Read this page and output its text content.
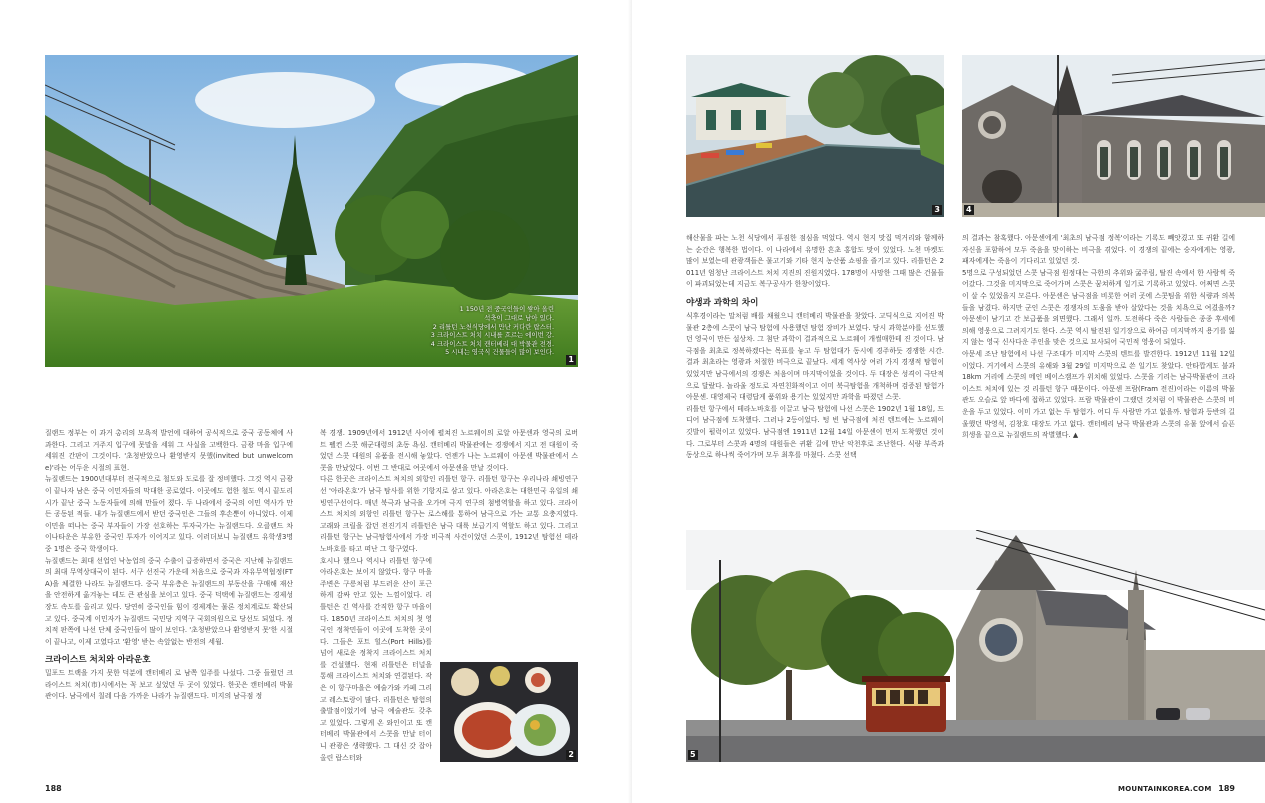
1 150년 전 중국인들이 쌓아 올린
석축이 그대로 남아 있다.
2 리틀턴 노천식당에서 만난 커다란 랍스터.
3 크라이스트 처치 시내를 흐르는 에이번 강.
4 크라이스트 처치 캔터베리 대 박물관 전경.
5 시내는 영국식 건물들이 많이 보인다.
1

질랜드 정부는 이 과거 총리의 모욕적 발언에 대하여 공식적으로 중국 공동체에 사과한다. 그리고 거주지 입구에 못말을 세워 그 사실을 고백한다. 금광 마을 입구에 세워진 간판이 그것이다. '초청받았으나 환영받지 못했(invited but unwelcome)'라는 어두운 시절의 표현.

뉴질랜드는 1900년대부터 전국적으로 철도와 도로를 잘 정비했다. 그것 역시 금광이 끝나자 남은 중국 이민자들의 막대한 공로였다. 이곳에도 험한 철도 역시 끝도리시가 끝난 중국 노동자들에 의해 만들어 졌다. 두 나라에서 중국의 이민 역사가 만든 공동된 적들. 내가 뉴질랜드에서 받던 중국인은 그들의 후손뿐이 아니었다. 이제 이민을 떠나는 중국 부자들이 가장 선호하는 투자국가는 뉴질랜드다. 오클랜드 차이나타운은 부유한 중국인 투자가 이어지고 있다. 이러더보니 뉴질랜드 유학생3명 중 1명은 중국 학생이다.

뉴질랜드는 최대 선업인 낙농업의 중국 수출이 급증하면서 중국은 지난해 뉴질랜드의 최대 무역상대국이 된다. 서구 선진국 가운데 처음으로 중국과 자유무역협정(FTA)을 체결한 나라도 뉴질랜드다. 중국 부유층은 뉴질랜드의 부동산을 구매해 재산을 안전하게 옮겨놓는 데도 큰 관심을 보이고 있다. 중국 덕택에 뉴질랜드는 경제성장도 속도를 올리고 있다. 당연히 중국인들 힘이 경제계는 물론 정치계로도 확산되고 있다. 중국계 이민자가 뉴질랜드 국민당 지역구 국회의원으로 당선도 되었다. 정치적 판쪽에 나선 단체 중국인들이 많이 보인다. '초청받았으나 환영받지 못'한 시절이 끝나고, 이제 고였다고 '환영' 받는 속앞없는 반전의 세월.

크라이스트 처치와 아라운호

밀포드 트랙을 가지 못한 덕분에 캔터베리 로 남쪽 일주를 나섰다. 그중 들렀던 크라이스트 처치(市)시에서는 꼭 보고 싶었던 두 곳이 있었다. 한곳은 캔터베리 박물관이다. 남극에서 칠레 다음 가까운 나라가 뉴질랜드다. 미지의 남극점 정

복 경쟁. 1909년에서 1912년 사이에 펼쳐진 노르웨이의 로알 아문센과 영국의 로버트 펠컨 스콧 해군대령의 초동 욕심. 캔터베리 박물관에는 경쟁에서 지고 전 대원이 죽었던 스콧 대원의 유품을 전시해 놓았다. 언젠가 나는 노르웨이 아문센 박물관에서 스콧을 만났었다. 이번 그 반대로 여곳에서 아문센을 만날 것이다.

다른 한곳은 크라이스트 처치의 외항인 리틀턴 항구. 리틀턴 항구는 우리나라 쇄빙연구선 '아라온호'가 남극 탐사를 위한 기항지로 삼고 있다. 아라온호는 대한민국 유일의 쇄빙연구선이다. 매년 북극과 남극을 오가며 극지 연구의 첨병역할을 하고 있다. 크라이스트 처치의 외항인 리틀턴 항구는 로스해를 통하여 남극으로 가는 교통 요충지였다. 고래와 크릴을 잡던 전진기지 리틀턴은 남극 대륙 보급기지 역할도 하고 있다. 그리고 리틀턴 항구는 남극탐험사에서 가장 비극적 사건이었던 스콧이, 1912년 탐험선 테라노바호를 타고 떠난 그 항구였다.

호시나 했으나 역시나 리틀턴 항구에 아라온호는 보이지 않았다. 항구 마을 주변은 구릉처럼 부드러운 산이 포근하게 감싸 안고 있는 느낌이었다. 리틀턴은 긴 역사를 간직한 항구 마을이다. 1850년 크라이스트 처치의 첫 영국인 정착민들이 이곳에 도착한 곳이다. 그들은 포트 힐스(Port Hills)를 넘어 새로운 정착지 크라이스트 처치를 건설했다. 현재 리틀턴은 터널을 통해 크라이스트 처치와 연결된다. 작은 이 항구마을은 예술가와 카페 그리고 레스토랑이 많다. 리틀턴은 탐험의 출발점이었기에 남극 예술관도 갖추고 있었다. 그렇게 온 와인이고 또 캔터베리 박물관에서 스콧을 만날 터이니 관광은 생략했다. 그 대신 갓 잡아 올린 랍스터와	2
188
3	4

해산물을 파는 노천 식당에서 푸짐한 점심을 먹었다. 역시 현지 맛집 먹거리와 함께하는 순간은 행복한 법이다. 이 나라에서 유명한 흔초 홍합도 맛이 있었다. 노천 마켓도 많이 보였는데 관광객들은 물고기와 기타 현지 농산품 쇼핑을 즐기고 있다. 리틀턴은 2011년 엄청난 크라이스트 처치 지진의 진원지였다. 178명이 사망한 그때 많은 건물들이 파괴되었는데 지금도 복구공사가 한창이었다.

야생과 과학의 차이

식후경이라는 말처럼 배를 채웠으니 캔터베리 박물관을 찾았다. 고딕식으로 지어진 박물관 2층에 스콧이 남극 탐험에 사용했던 탐험 장비가 보였다. 당시 과학분야를 선도했던 영국이 만든 설상차. 그 첨단 과학이 결과적으로 노르웨이 개썰매한테 진 것이다. 남극점을 최초로 정복하겠다는 목표를 놓고 두 탐험대가 동시에 경주하듯 경쟁한 시간. 결과 최초라는 영광과 처절한 비극으로 끝났다. 세계 역사상 여러 가지 경쟁적 탐험이 있었지만 남극에서의 경쟁은 처음이며 마지막이었을 것이다. 두 대장은 성격이 극단적으로 달랐다. 놀라울 정도로 자연친화적이고 이미 북극탐험을 개척하며 검증된 탐험가 아문센. 대영제국 대령답게 품위와 용기는 있었지만 과학을 따졌던 스콧.

리틀턴 항구에서 테라노바호를 이끌고 남극 탐험에 나선 스콧은 1902년 1월 18일, 드디어 남극점에 도착했다. 그러나 2등이었다. 텅 빈 남극점에 처진 텐트에는 노르웨이 깃발이 펄럭이고 있었다. 남극점엔 1911년 12월 14일 아문센이 먼저 도착했던 것이다. 그로부터 스콧과 4명의 대원들은 귀환 길에 만난 악천후로 조난한다. 식량 부족과 동상으로 하나씩 죽어가며 모두 최후를 마쳤다. 스콧 선택

의 결과는 참혹했다. 아문센에게 '최초의 남극점 정복'이라는 기록도 빼앗겼고 또 귀환 길에 자신을 포함하여 모두 죽음을 맞이하는 비극을 겪었다. 이 경쟁의 끝에는 승자에게는 영광, 패자에게는 죽음이 기다리고 있었던 것.

5명으로 구성되었던 스콧 남극점 원정대는 극한의 추위와 굶주림, 탈진 속에서 한 사람씩 죽어갔다. 그것을 미지막으로 죽어가며 스콧은 꿈쳐하게 일기로 기록하고 있었다. 어쩌면 스콧이 살 수 있었을지 모른다. 아문센은 남극점을 비롯한 여러 곳에 스콧팀을 위한 식량과 의복들을 남겼다. 하지만 군인 스콧은 경쟁자의 도움을 받아 살았다는 것을 치욕으로 여겼을까? 아문센이 남기고 간 보급품을 외면했다. 그래서 일까. 도전하다 죽은 사람들은 종종 후세에 의해 영웅으로 그려지기도 한다. 스콧 역시 탈진된 일기장으로 하여금 미지막까지 용기를 잃지 않는 영국 신사다운 주인을 맞은 것으로 묘사되어 국민적 영웅이 되었다.

아문세 조난 탐험에서 나선 구조대가 미지막 스콧의 텐트를 발견한다. 1912년 11월 12일이었다. 거기에서 스콧의 유해와 3월 29일 미지막으로 쓴 일기도 찾았다. 안타깝게도 불과 18km 거리에 스콧의 메인 베이스캠프가 위치해 있었다. 스콧을 기리는 남극박물관이 크라이스트 처치에 있는 것 리틀턴 항구 때문이다. 아문센 프람(Fram 전진)이라는 이름의 박물관도 오슬로 앞 바다에 접하고 있었다. 프람 박물관이 그랬던 것처럼 이 박물관은 스콧의 비운을 두고 있었다. 이미 가고 없는 두 탐험가. 어디 두 사람만 가고 없을까. 탐험과 등반의 길울했던 박영석, 김창호 대장도 가고 없다. 캔터베리 남극 박물관과 스콧의 유물 앞에서 슬픈 희생을 끝으로 뉴질랜드의 작별했다. ▲

5
MOUNTAINKOREA.COM 189
